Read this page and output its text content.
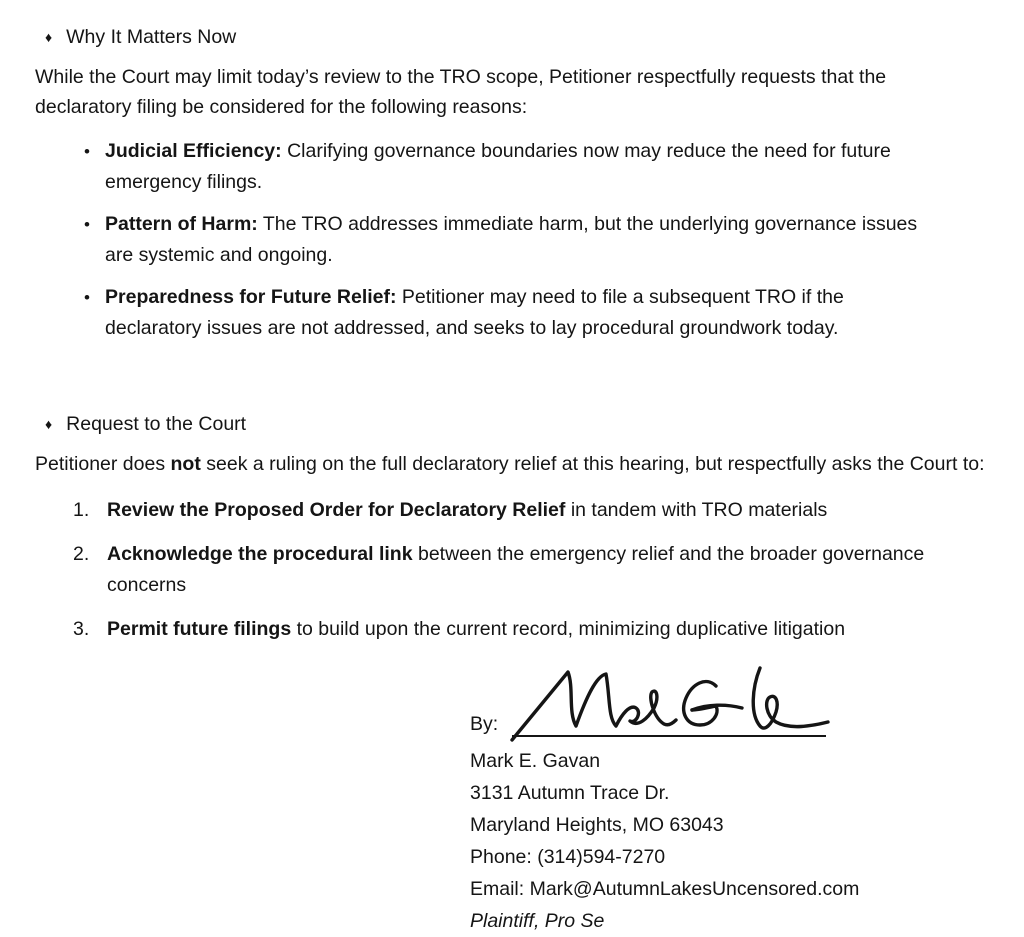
♦ Why It Matters Now

While the Court may limit today’s review to the TRO scope, Petitioner respectfully requests that the declaratory filing be considered for the following reasons:

• Judicial Efficiency: Clarifying governance boundaries now may reduce the need for future emergency filings.
• Pattern of Harm: The TRO addresses immediate harm, but the underlying governance issues are systemic and ongoing.
• Preparedness for Future Relief: Petitioner may need to file a subsequent TRO if the declaratory issues are not addressed, and seeks to lay procedural groundwork today.
♦ Request to the Court

Petitioner does not seek a ruling on the full declaratory relief at this hearing, but respectfully asks the Court to:

1. Review the Proposed Order for Declaratory Relief in tandem with TRO materials
2. Acknowledge the procedural link between the emergency relief and the broader governance concerns
3. Permit future filings to build upon the current record, minimizing duplicative litigation
By:
Mark E. Gavan
3131 Autumn Trace Dr.
Maryland Heights, MO 63043
Phone: (314)594-7270
Email: Mark@AutumnLakesUncensored.com
Plaintiff, Pro Se
